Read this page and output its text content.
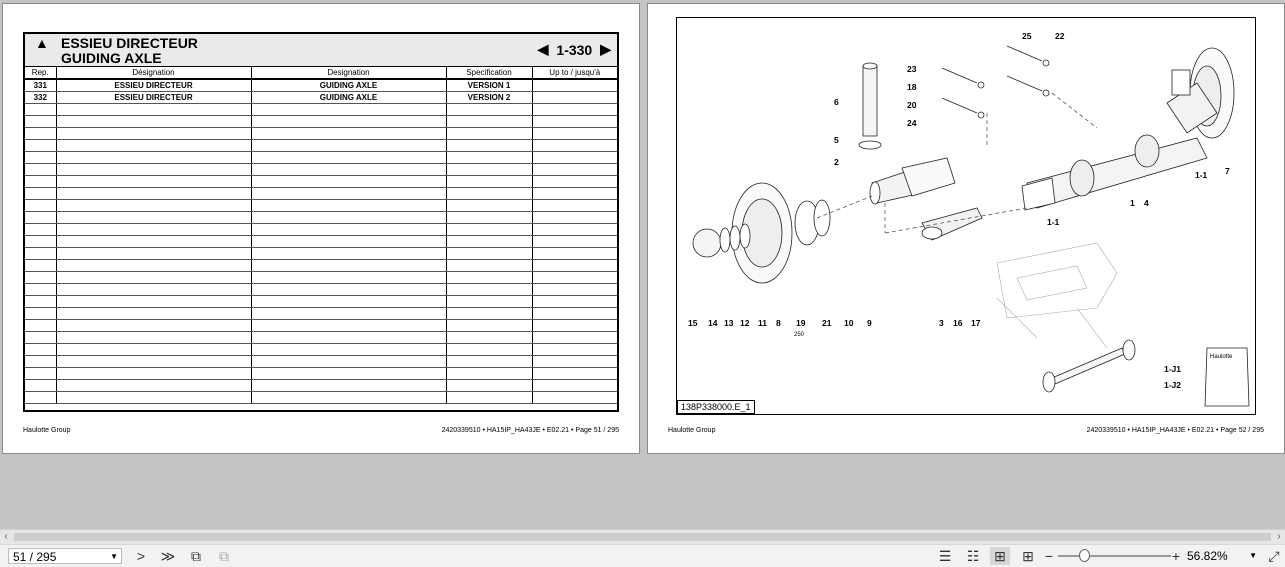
▲ ESSIEU DIRECTEUR
GUIDING AXLE
◀ 1-330 ▶
Rep.	Désignation	Designation	Specification	Up to / jusqu'à
331	ESSIEU DIRECTEUR	GUIDING AXLE	VERSION 1	
332	ESSIEU DIRECTEUR	GUIDING AXLE	VERSION 2	

Haulotte Group	2420339510 • HA15IP_HA43JE • E02.21 • Page 51 / 295
25	22
23
18
20
24
6
5
2
7
1-1
1 4
1-1
15 14 13 12 11 8 19 21 10 9	3 16 17
1-J1
1-J2
250
Haulotte
138P338000.E_1
Haulotte Group	2420339510 • HA15IP_HA43JE • E02.21 • Page 52 / 295
‹	›
51 / 295	▼ > ≫ ⧉ ⧉	☰ ☷ ⊞ ⊞ −	+ 56.82%	▼ ⤢
